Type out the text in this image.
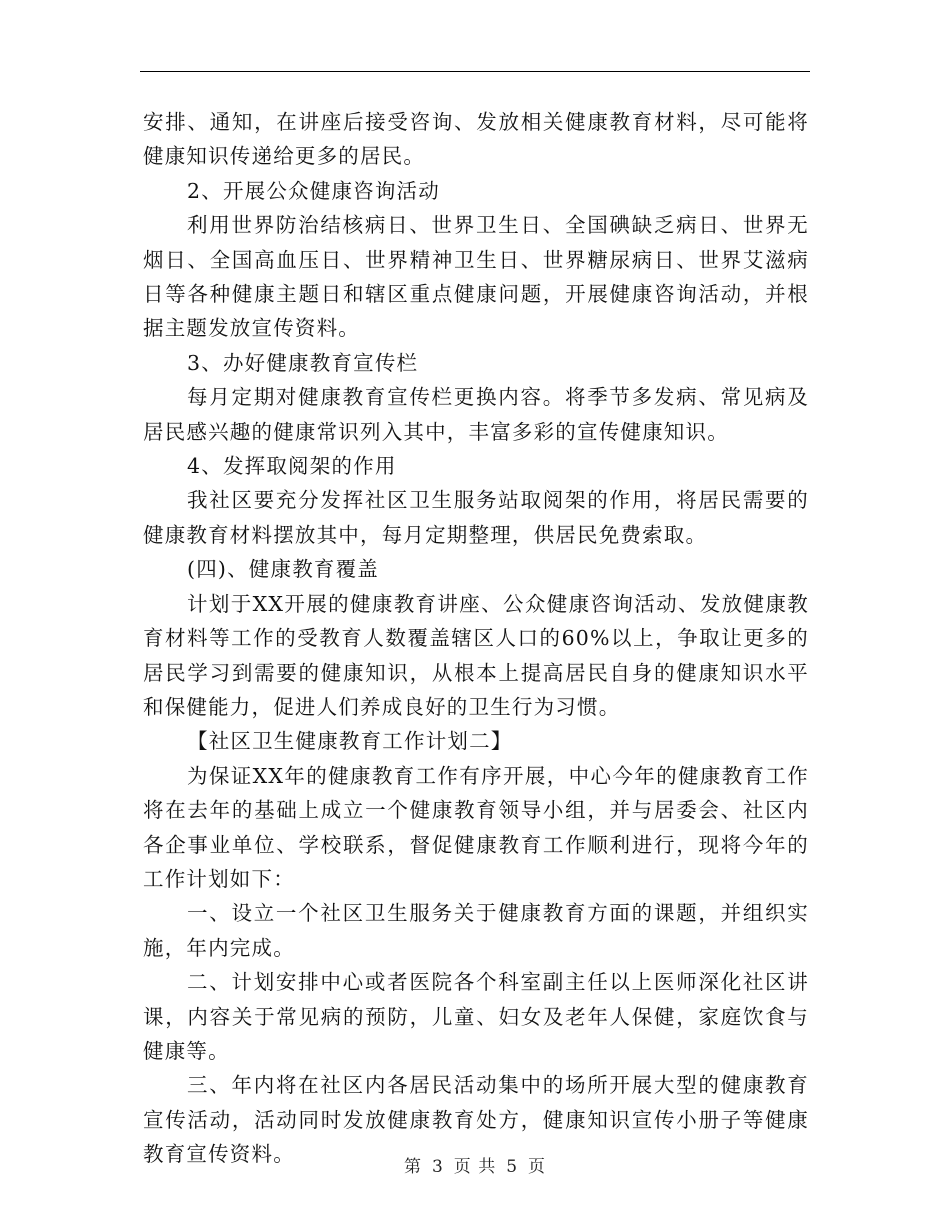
安排、通知，在讲座后接受咨询、发放相关健康教育材料，尽可能将健康知识传递给更多的居民。

2、开展公众健康咨询活动

利用世界防治结核病日、世界卫生日、全国碘缺乏病日、世界无烟日、全国高血压日、世界精神卫生日、世界糖尿病日、世界艾滋病日等各种健康主题日和辖区重点健康问题，开展健康咨询活动，并根据主题发放宣传资料。

3、办好健康教育宣传栏

每月定期对健康教育宣传栏更换内容。将季节多发病、常见病及居民感兴趣的健康常识列入其中，丰富多彩的宣传健康知识。

4、发挥取阅架的作用

我社区要充分发挥社区卫生服务站取阅架的作用，将居民需要的健康教育材料摆放其中，每月定期整理，供居民免费索取。

(四)、健康教育覆盖

计划于XX开展的健康教育讲座、公众健康咨询活动、发放健康教育材料等工作的受教育人数覆盖辖区人口的60%以上，争取让更多的居民学习到需要的健康知识，从根本上提高居民自身的健康知识水平和保健能力，促进人们养成良好的卫生行为习惯。

【社区卫生健康教育工作计划二】

为保证XX年的健康教育工作有序开展，中心今年的健康教育工作将在去年的基础上成立一个健康教育领导小组，并与居委会、社区内各企事业单位、学校联系，督促健康教育工作顺利进行，现将今年的工作计划如下：

一、设立一个社区卫生服务关于健康教育方面的课题，并组织实施，年内完成。

二、计划安排中心或者医院各个科室副主任以上医师深化社区讲课，内容关于常见病的预防，儿童、妇女及老年人保健，家庭饮食与健康等。

三、年内将在社区内各居民活动集中的场所开展大型的健康教育宣传活动，活动同时发放健康教育处方，健康知识宣传小册子等健康教育宣传资料。

第 3 页 共 5 页
